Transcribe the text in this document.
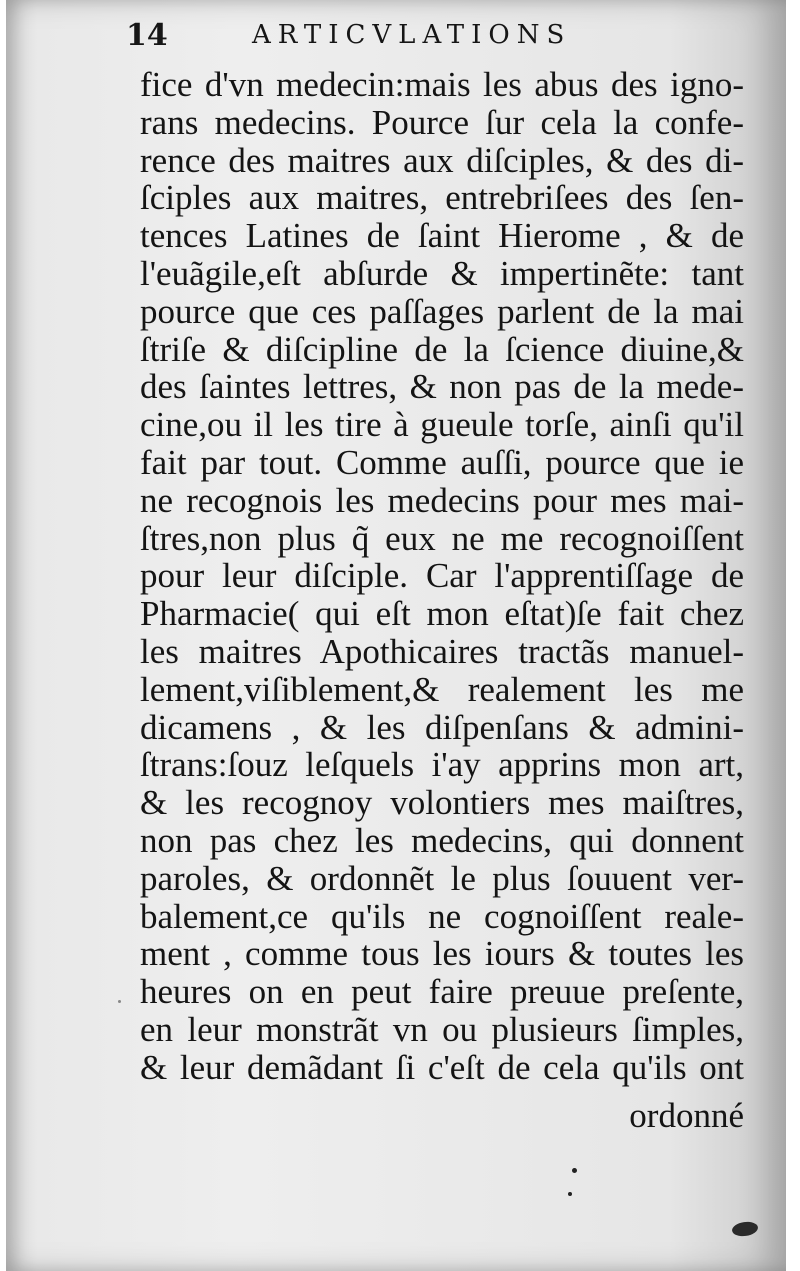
14	ARTICVLATIONS
fice d'vn medecin:mais les abus des igno-
rans medecins. Pource ſur cela la confe-
rence des maitres aux diſciples, & des di-
ſciples aux maitres, entrebriſees des ſen-
tences Latines de ſaint Hierome , & de
l'euãgile,eſt abſurde & impertinẽte: tant
pource que ces paſſages parlent de la mai
ſtriſe & diſcipline de la ſcience diuine,&
des ſaintes lettres, & non pas de la mede-
cine,ou il les tire à gueule torſe, ainſi qu'il
fait par tout. Comme auſſi, pource que ie
ne recognois les medecins pour mes mai-
ſtres,non plus q̃ eux ne me recognoiſſent
pour leur diſciple. Car l'apprentiſſage de
Pharmacie( qui eſt mon eſtat)ſe fait chez
les maitres Apothicaires tractãs manuel-
lement,viſiblement,& realement les me
dicamens , & les diſpenſans & admini-
ſtrans:ſouz leſquels i'ay apprins mon art,
& les recognoy volontiers mes maiſtres,
non pas chez les medecins, qui donnent
paroles, & ordonnẽt le plus ſouuent ver-
balement,ce qu'ils ne cognoiſſent reale-
ment , comme tous les iours & toutes les
heures on en peut faire preuue preſente,
en leur monstrãt vn ou plusieurs ſimples,
& leur demãdant ſi c'eſt de cela qu'ils ont
ordonné
